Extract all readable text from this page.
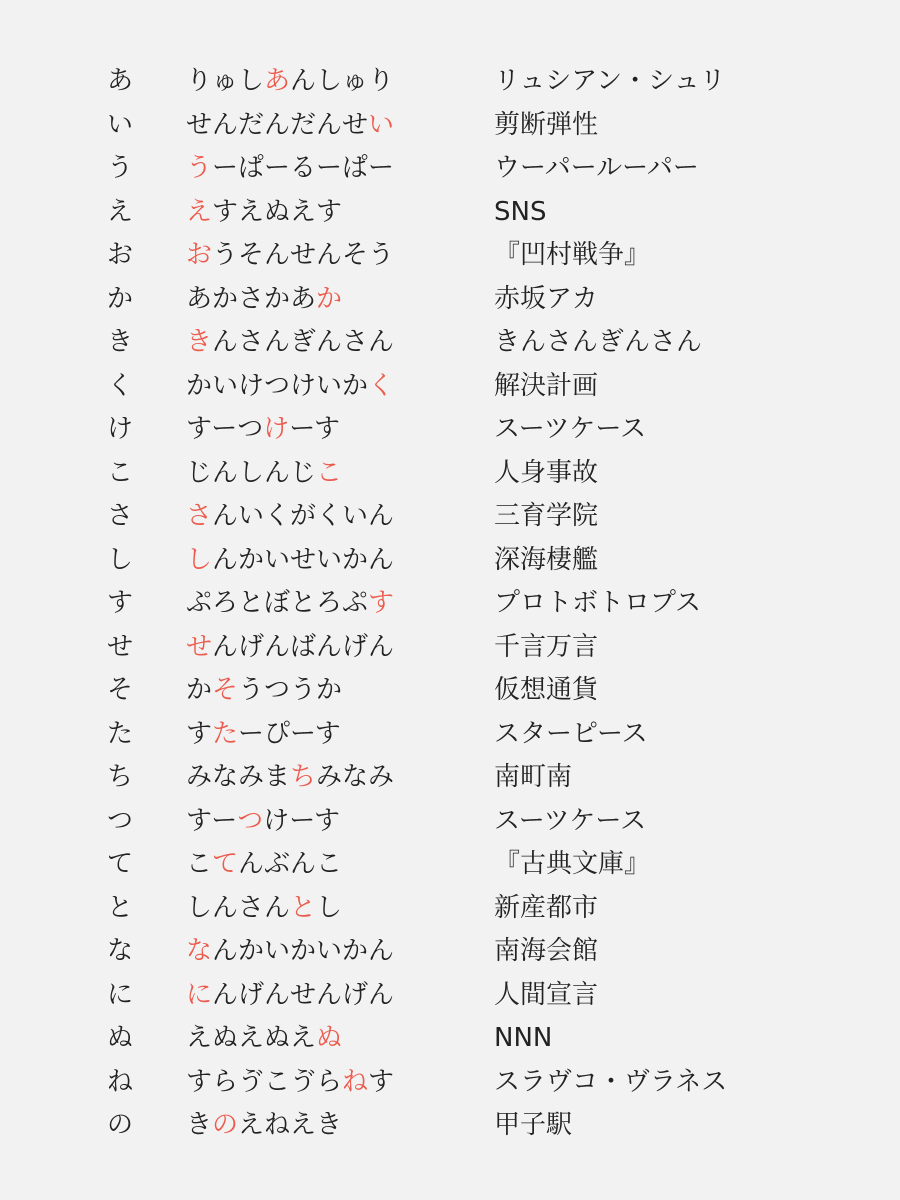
あ りゅしあんしゅり	リュシアン・シュリ
い せんだんだんせい	剪断弾性
う うーぱーるーぱー	ウーパールーパー
え えすえぬえす	SNS
お おうそんせんそう	『凹村戦争』
か あかさかあか	赤坂アカ
き きんさんぎんさん	きんさんぎんさん
く かいけつけいかく	解決計画
け すーつけーす	スーツケース
こ じんしんじこ	人身事故
さ さんいくがくいん	三育学院
し しんかいせいかん	深海棲艦
す ぷろとぼとろぷす	プロトボトロプス
せ せんげんばんげん	千言万言
そ かそうつうか	仮想通貨
た すたーぴーす	スターピース
ち みなみまちみなみ	南町南
つ すーつけーす	スーツケース
て こてんぶんこ	『古典文庫』
と しんさんとし	新産都市
な なんかいかいかん	南海会館
に にんげんせんげん	人間宣言
ぬ えぬえぬえぬ	NNN
ね すらゔこゔらねす	スラヴコ・ヴラネス
の きのえねえき	甲子駅
